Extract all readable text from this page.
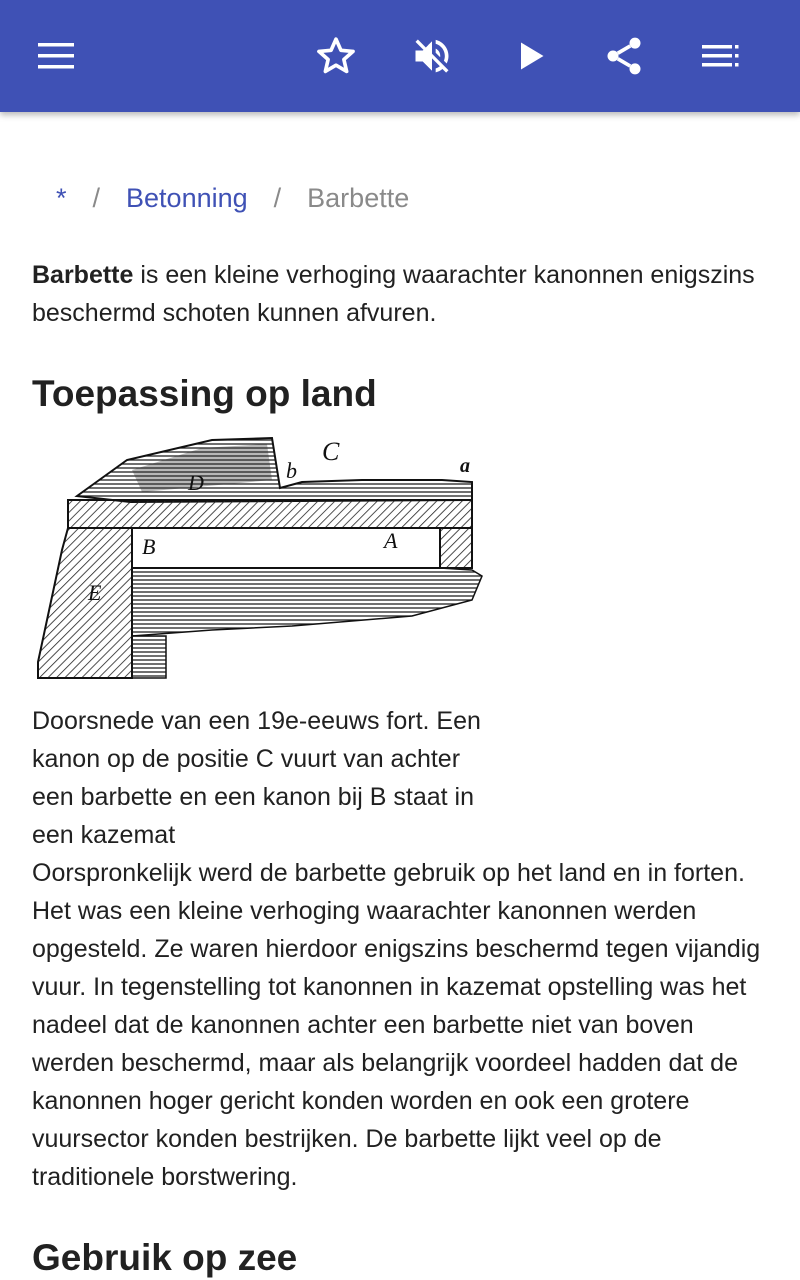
* / Betonning / Barbette

Barbette is een kleine verhoging waarachter kanonnen enigszins beschermd schoten kunnen afvuren.

Toepassing op land
D	b
C	a
B	A
E

Doorsnede van een 19e-eeuws fort. Een kanon op de positie C vuurt van achter een barbette en een kanon bij B staat in een kazemat

Oorspronkelijk werd de barbette gebruik op het land en in forten. Het was een kleine verhoging waarachter kanonnen werden opgesteld. Ze waren hierdoor enigszins beschermd tegen vijandig vuur. In tegenstelling tot kanonnen in kazemat opstelling was het nadeel dat de kanonnen achter een barbette niet van boven werden beschermd, maar als belangrijk voordeel hadden dat de kanonnen hoger gericht konden worden en ook een grotere vuursector konden bestrijken. De barbette lijkt veel op de traditionele borstwering.

Gebruik op zee
